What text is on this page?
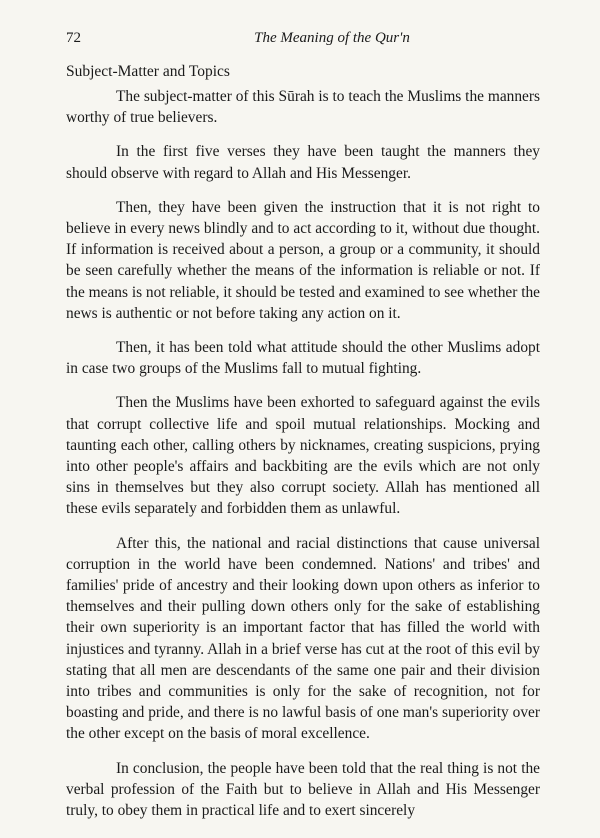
72	The Meaning of the Qur'n
Subject-Matter and Topics

The subject-matter of this Sūrah is to teach the Muslims the manners worthy of true believers.

In the first five verses they have been taught the manners they should observe with regard to Allah and His Messenger.

Then, they have been given the instruction that it is not right to believe in every news blindly and to act according to it, without due thought. If information is received about a person, a group or a community, it should be seen carefully whether the means of the information is reliable or not. If the means is not reliable, it should be tested and examined to see whether the news is authentic or not before taking any action on it.

Then, it has been told what attitude should the other Muslims adopt in case two groups of the Muslims fall to mutual fighting.

Then the Muslims have been exhorted to safeguard against the evils that corrupt collective life and spoil mutual relationships. Mocking and taunting each other, calling others by nicknames, creating suspicions, prying into other people's affairs and backbiting are the evils which are not only sins in themselves but they also corrupt society. Allah has mentioned all these evils separately and forbidden them as unlawful.

After this, the national and racial distinctions that cause universal corruption in the world have been condemned. Nations' and tribes' and families' pride of ancestry and their looking down upon others as inferior to themselves and their pulling down others only for the sake of establishing their own superiority is an important factor that has filled the world with injustices and tyranny. Allah in a brief verse has cut at the root of this evil by stating that all men are descendants of the same one pair and their division into tribes and communities is only for the sake of recognition, not for boasting and pride, and there is no lawful basis of one man's superiority over the other except on the basis of moral excellence.

In conclusion, the people have been told that the real thing is not the verbal profession of the Faith but to believe in Allah and His Messenger truly, to obey them in practical life and to exert sincerely
